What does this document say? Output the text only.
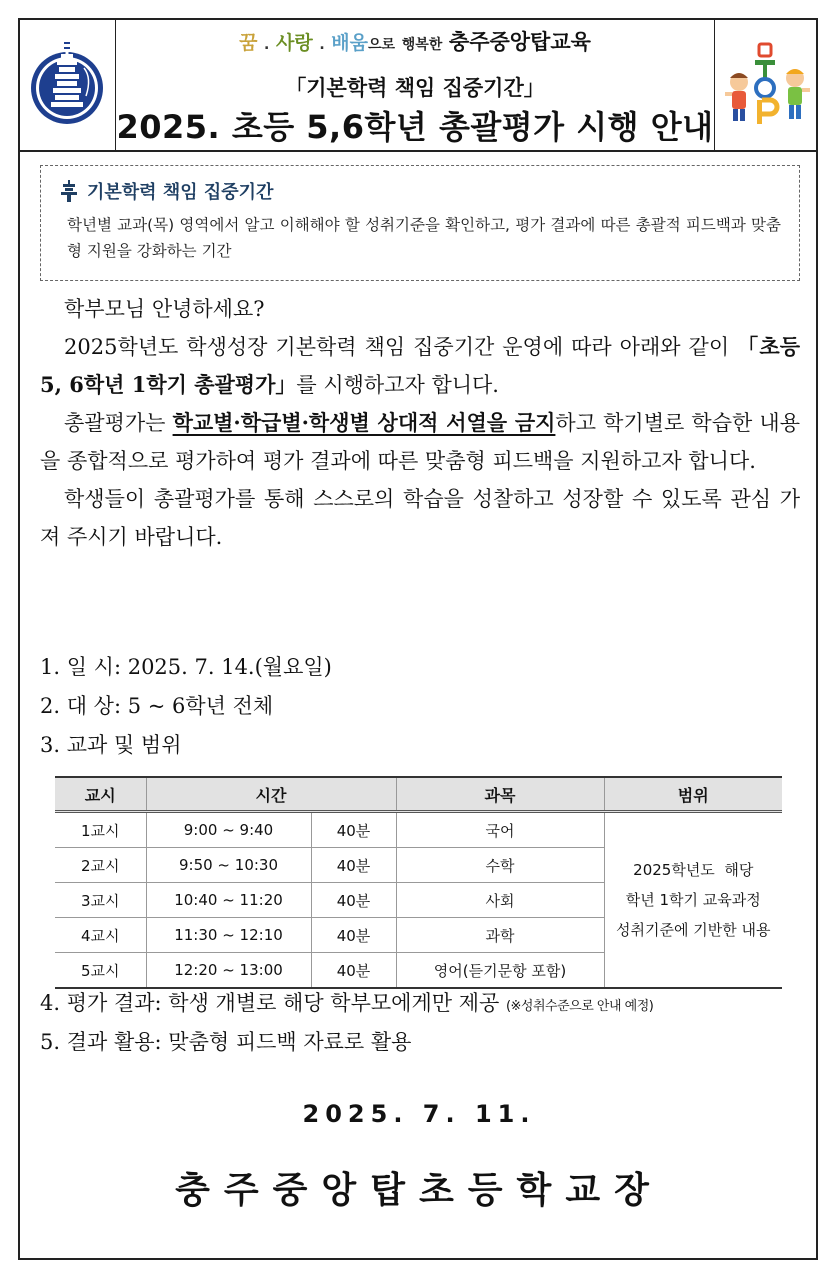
꿈 . 사랑 . 배움으로 행복한 충주중앙탑교육
「기본학력 책임 집중기간」
2025. 초등 5,6학년 총괄평가 시행 안내
기본학력 책임 집중기간
학년별 교과(목) 영역에서 알고 이해해야 할 성취기준을 확인하고, 평가 결과에 따른 총괄적 피드백과 맞춤형 지원을 강화하는 기간

학부모님 안녕하세요?

2025학년도 학생성장 기본학력 책임 집중기간 운영에 따라 아래와 같이 「초등 5, 6학년 1학기 총괄평가」를 시행하고자 합니다.

총괄평가는 학교별·학급별·학생별 상대적 서열을 금지하고 학기별로 학습한 내용을 종합적으로 평가하여 평가 결과에 따른 맞춤형 피드백을 지원하고자 합니다.

학생들이 총괄평가를 통해 스스로의 학습을 성찰하고 성장할 수 있도록 관심 가져 주시기 바랍니다.

1. 일 시: 2025. 7. 14.(월요일)
2. 대 상: 5 ~ 6학년 전체
3. 교과 및 범위
교시	시간		과목	범위
1교시	9:00 ~ 9:40	40분	국어	2025학년도  해당
학년 1학기 교육과정
성취기준에 기반한 내용

2교시	9:50 ~ 10:30	40분	수학	
3교시	10:40 ~ 11:20	40분	사회	
4교시	11:30 ~ 12:10	40분	과학	
5교시	12:20 ~ 13:00	40분	영어(듣기문항 포함)	
4. 평가 결과: 학생 개별로 해당 학부모에게만 제공 (※성취수준으로 안내 예정)
5. 결과 활용: 맞춤형 피드백 자료로 활용
2025. 7. 11.
충주중앙탑초등학교장
